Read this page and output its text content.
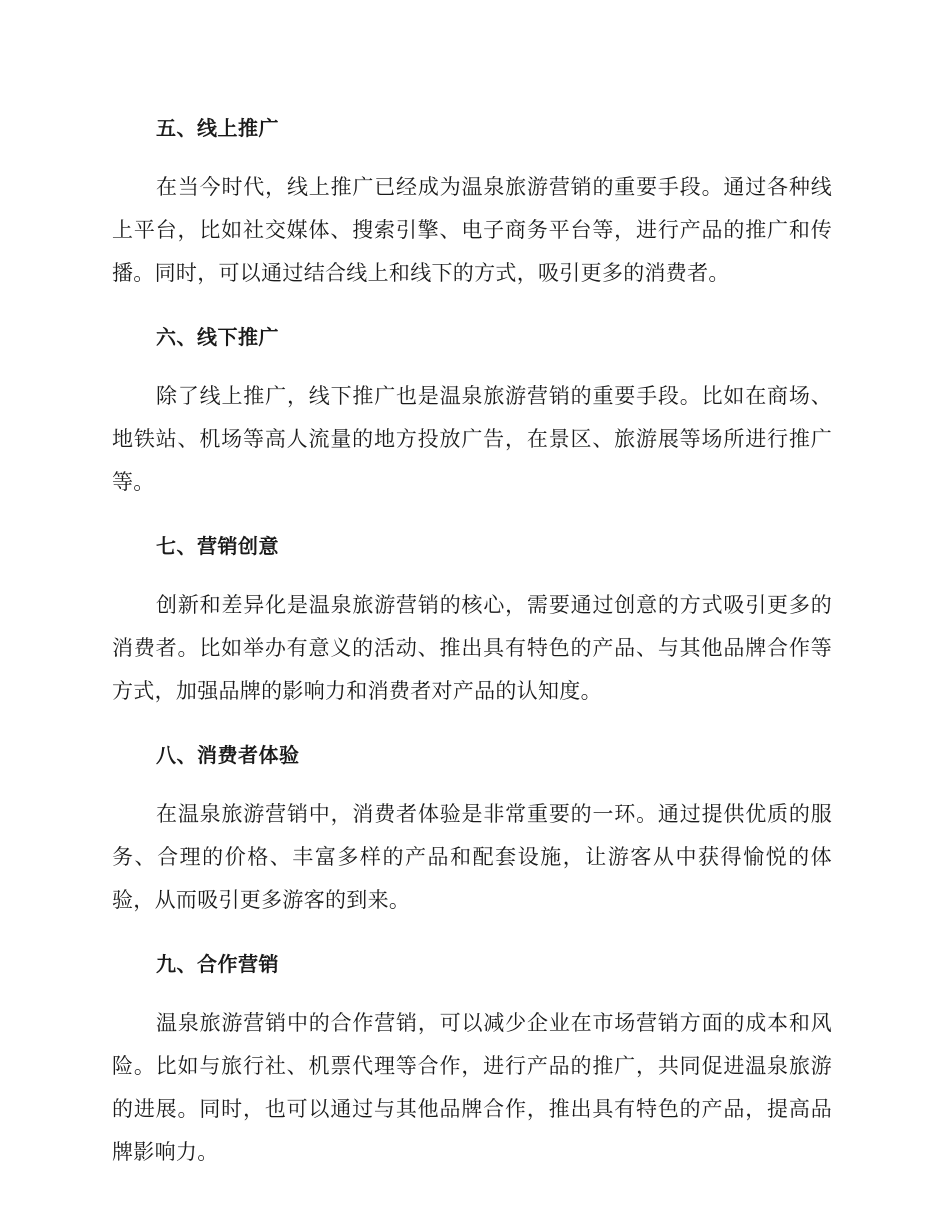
五、线上推广

在当今时代，线上推广已经成为温泉旅游营销的重要手段。通过各种线上平台，比如社交媒体、搜索引擎、电子商务平台等，进行产品的推广和传播。同时，可以通过结合线上和线下的方式，吸引更多的消费者。

六、线下推广

除了线上推广，线下推广也是温泉旅游营销的重要手段。比如在商场、地铁站、机场等高人流量的地方投放广告，在景区、旅游展等场所进行推广等。

七、营销创意

创新和差异化是温泉旅游营销的核心，需要通过创意的方式吸引更多的消费者。比如举办有意义的活动、推出具有特色的产品、与其他品牌合作等方式，加强品牌的影响力和消费者对产品的认知度。

八、消费者体验

在温泉旅游营销中，消费者体验是非常重要的一环。通过提供优质的服务、合理的价格、丰富多样的产品和配套设施，让游客从中获得愉悦的体验，从而吸引更多游客的到来。

九、合作营销

温泉旅游营销中的合作营销，可以减少企业在市场营销方面的成本和风险。比如与旅行社、机票代理等合作，进行产品的推广，共同促进温泉旅游的进展。同时，也可以通过与其他品牌合作，推出具有特色的产品，提高品牌影响力。
